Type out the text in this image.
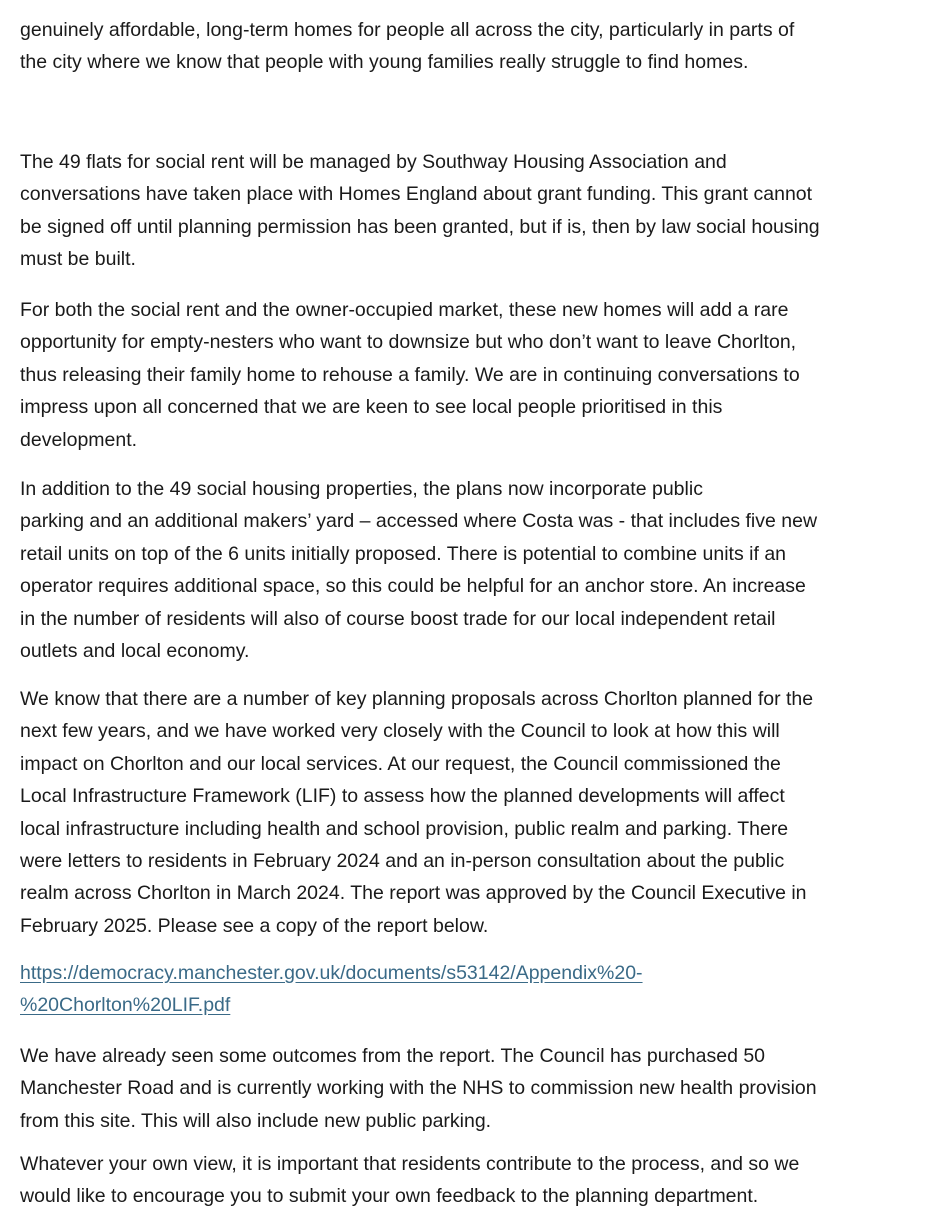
genuinely affordable, long-term homes for people all across the city, particularly in parts of
the city where we know that people with young families really struggle to find homes.
The 49 flats for social rent will be managed by Southway Housing Association and
conversations have taken place with Homes England about grant funding. This grant cannot
be signed off until planning permission has been granted, but if is, then by law social housing
must be built.
For both the social rent and the owner-occupied market, these new homes will add a rare
opportunity for empty-nesters who want to downsize but who don’t want to leave Chorlton,
thus releasing their family home to rehouse a family. We are in continuing conversations to
impress upon all concerned that we are keen to see local people prioritised in this
development.
In addition to the 49 social housing properties, the plans now incorporate public
parking and an additional makers’ yard – accessed where Costa was - that includes five new
retail units on top of the 6 units initially proposed. There is potential to combine units if an
operator requires additional space, so this could be helpful for an anchor store. An increase
in the number of residents will also of course boost trade for our local independent retail
outlets and local economy.
We know that there are a number of key planning proposals across Chorlton planned for the
next few years, and we have worked very closely with the Council to look at how this will
impact on Chorlton and our local services. At our request, the Council commissioned the
Local Infrastructure Framework (LIF) to assess how the planned developments will affect
local infrastructure including health and school provision, public realm and parking. There
were letters to residents in February 2024 and an in-person consultation about the public
realm across Chorlton in March 2024. The report was approved by the Council Executive in
February 2025. Please see a copy of the report below.
https://democracy.manchester.gov.uk/documents/s53142/Appendix%20-
%20Chorlton%20LIF.pdf
We have already seen some outcomes from the report. The Council has purchased 50
Manchester Road and is currently working with the NHS to commission new health provision
from this site. This will also include new public parking.
Whatever your own view, it is important that residents contribute to the process, and so we
would like to encourage you to submit your own feedback to the planning department.
